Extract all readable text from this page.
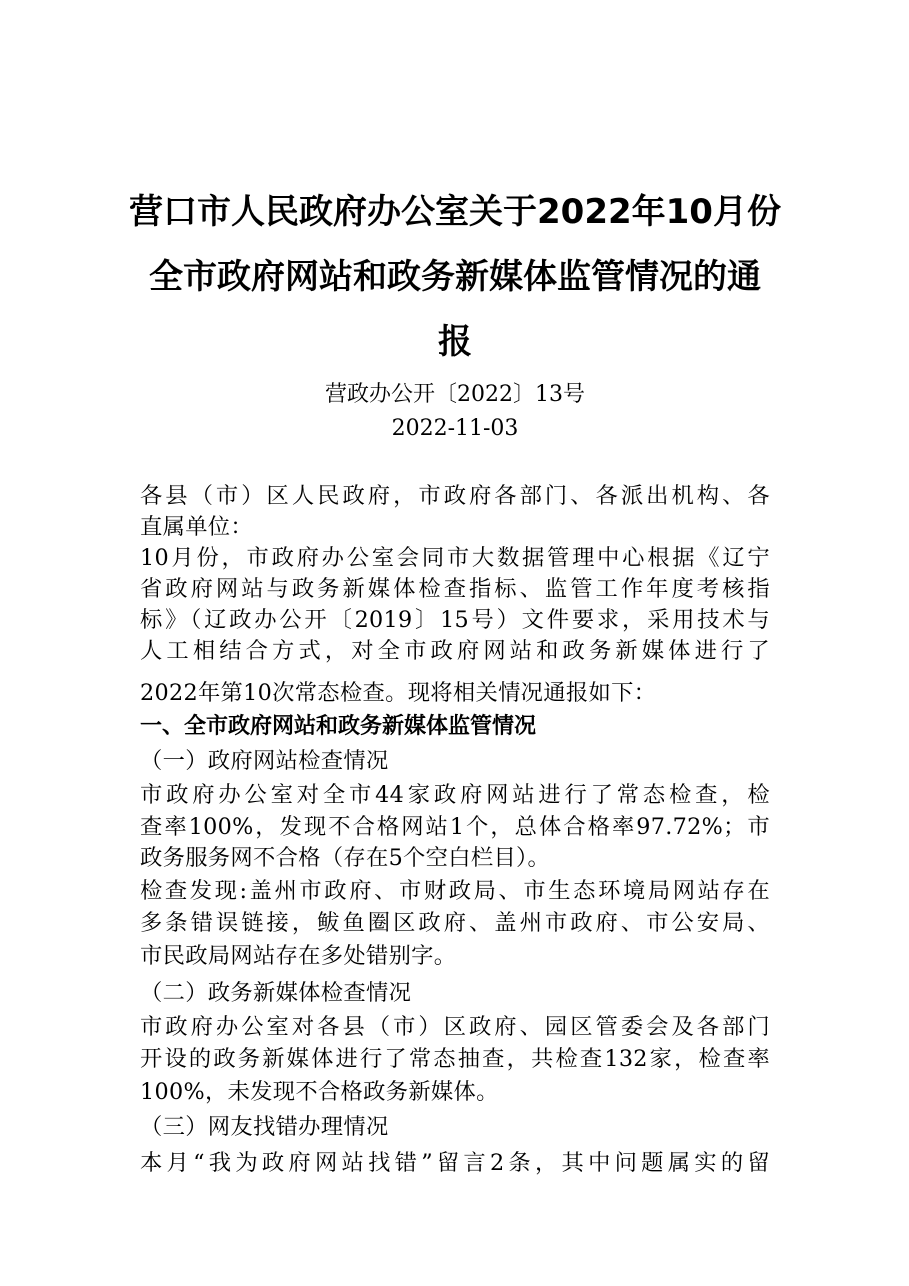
营口市人民政府办公室关于2022年10月份
全市政府网站和政务新媒体监管情况的通
报
营政办公开〔2022〕13号
2022-11-03
各县（市）区人民政府，市政府各部门、各派出机构、各
直属单位：
10月份，市政府办公室会同市大数据管理中心根据《辽宁
省政府网站与政务新媒体检查指标、监管工作年度考核指
标》（辽政办公开〔2019〕15号）文件要求，采用技术与
人工相结合方式，对全市政府网站和政务新媒体进行了
2022年第10次常态检查。现将相关情况通报如下：
一、全市政府网站和政务新媒体监管情况
（一）政府网站检查情况
市政府办公室对全市44家政府网站进行了常态检查，检
查率100%，发现不合格网站1个，总体合格率97.72%；市
政务服务网不合格（存在5个空白栏目）。
检查发现:盖州市政府、市财政局、市生态环境局网站存在
多条错误链接，鲅鱼圈区政府、盖州市政府、市公安局、
市民政局网站存在多处错别字。
（二）政务新媒体检查情况
市政府办公室对各县（市）区政府、园区管委会及各部门
开设的政务新媒体进行了常态抽查，共检查132家，检查率
100%，未发现不合格政务新媒体。
（三）网友找错办理情况
本月“我为政府网站找错”留言2条，其中问题属实的留
